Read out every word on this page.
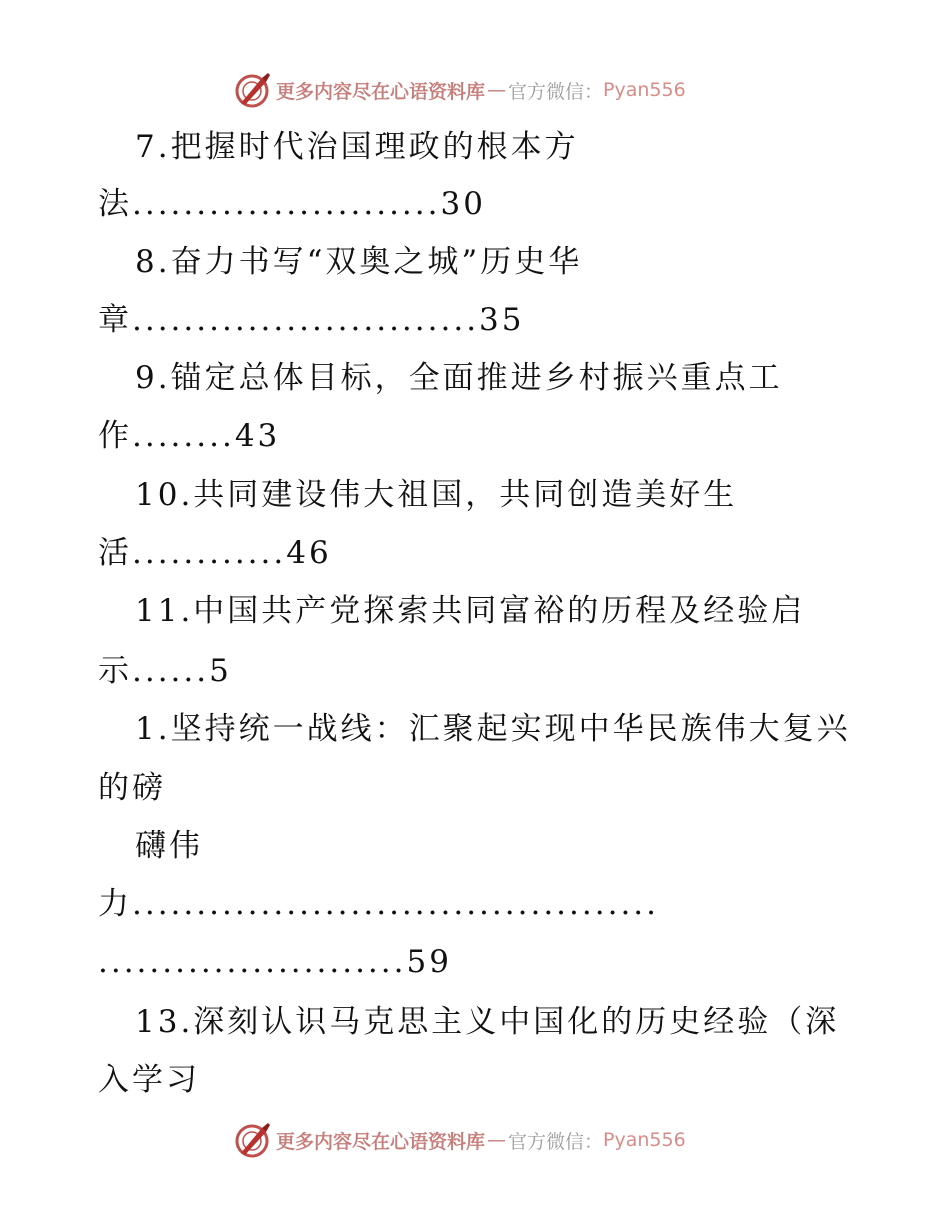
更多内容尽在心语资料库 — 官方微信： Pyan556
7.把握时代治国理政的根本方
法........................30
8.奋力书写“双奥之城”历史华
章...........................35
9.锚定总体目标，全面推进乡村振兴重点工
作........43
10.共同建设伟大祖国，共同创造美好生
活............46
11.中国共产党探索共同富裕的历程及经验启
示......5
1.坚持统一战线：汇聚起实现中华民族伟大复兴
的磅
礴伟
力.........................................
........................59
13.深刻认识马克思主义中国化的历史经验（深
入学习
更多内容尽在心语资料库 — 官方微信： Pyan556
